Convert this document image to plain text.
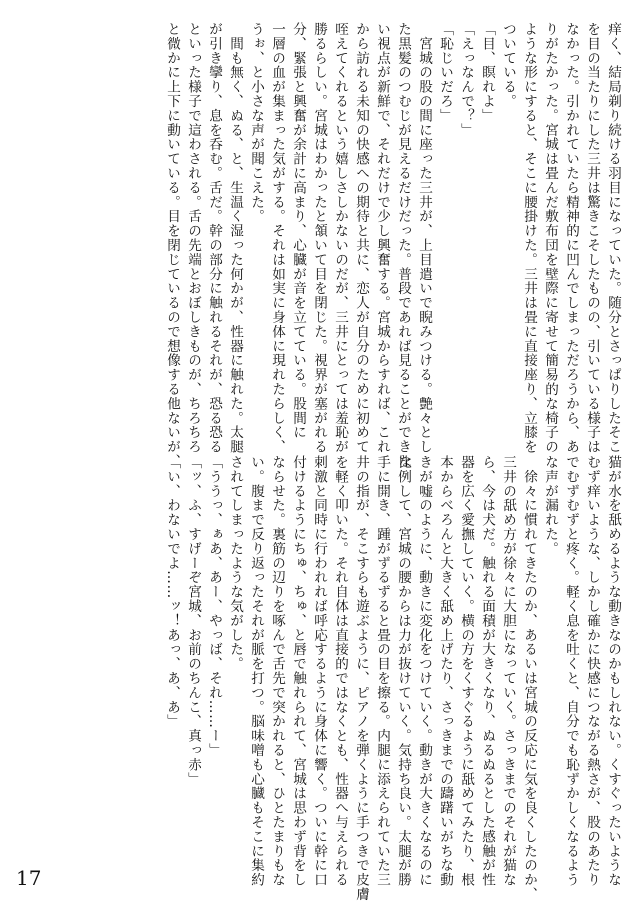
痒く、結局剃り続ける羽目になっていた。随分とさっぱりしたそこ
を目の当たりにした三井は驚きこそしたものの、引いている様子は
なかった。引かれていたら精神的に凹んでしまっただろうから、あ
りがたかった。宮城は畳んだ敷布団を壁際に寄せて簡易的な椅子の
ような形にすると、そこに腰掛けた。三井は畳に直接座り、立膝を
ついている。
「目、瞑れよ」
「えっなんで？」
「恥じいだろ」
　宮城の股の間に座った三井が、上目遣いで睨みつける。艶々とし
た黒髪のつむじが見えるだけだった。普段であれば見ることができな
い視点が新鮮で、それだけで少し興奮する。宮城からすれば、これ
から訪れる未知の快感への期待と共に、恋人が自分のために初めて
咥えてくれるという嬉しさしかないのだが、三井にとっては羞恥が
勝るらしい。宮城はわかったと頷いて目を閉じた。視界が塞がれる
分、緊張と興奮が余計に高まり、心臓が音を立てている。股間に
一層の血が集まった気がする。それは如実に身体に現れたらしく、
うぉ、と小さな声が聞こえた。
　間も無く、ぬる、と、生温く湿った何かが、性器に触れた。太腿
が引き攣り、息を呑む。舌だ。幹の部分に触れるそれが、恐る恐る
といった様子で這わされる。舌の先端とおぼしきものが、ちろちろ
と微かに上下に動いている。目を閉じているので想像する他ないが、
猫が水を舐めるような動きなのかもしれない。くすぐったいような
むず痒いような、しかし確かに快感につながる熱さが、股のあたり
でむずむずと疼く。軽く息を吐くと、自分でも恥ずかしくなるよう
な声が漏れた。
　徐々に慣れてきたのか、あるいは宮城の反応に気を良くしたのか、
三井の舐め方が徐々に大胆になっていく。さっきまでのそれが猫な
ら、今は犬だ。触れる面積が大きくなり、ぬるぬるとした感触が性
器を広く愛撫していく。横の方をくすぐるように舐めてみたり、根
本からべろんと大きく舐め上げたり、さっきまでの躊躇いがちな動
きが嘘のように、動きに変化をつけていく。動きが大きくなるのに
比例して、宮城の腰からは力が抜けていく。気持ち良い。太腿が勝
手に開き、踵がずるずると畳の目を擦る。内腿に添えられていた三
井の指が、そこすらも遊ぶように、ピアノを弾くように手つきで皮膚
を軽く叩いた。それ自体は直接的ではなくとも、性器へ与えられる
刺激と同時に行われれば呼応するように身体に響く。ついに幹に口
付けるようにちゅ、ちゅ、と唇で触れられて、宮城は思わず背をし
ならせた。裏筋の辺りを啄んで舌先で突かれると、ひとたまりもな
い。腹まで反り返ったそれが脈を打つ。脳味噌も心臓もそこに集約
されてしまったような気がした。
「ううっ、ぁあ、あー、やっば、それ……ー」
「ッ、ふ、すげーぞ宮城、お前のちんこ、真っ赤」
「い、わないでよ……ッ！あっ、あ、あ」
17
